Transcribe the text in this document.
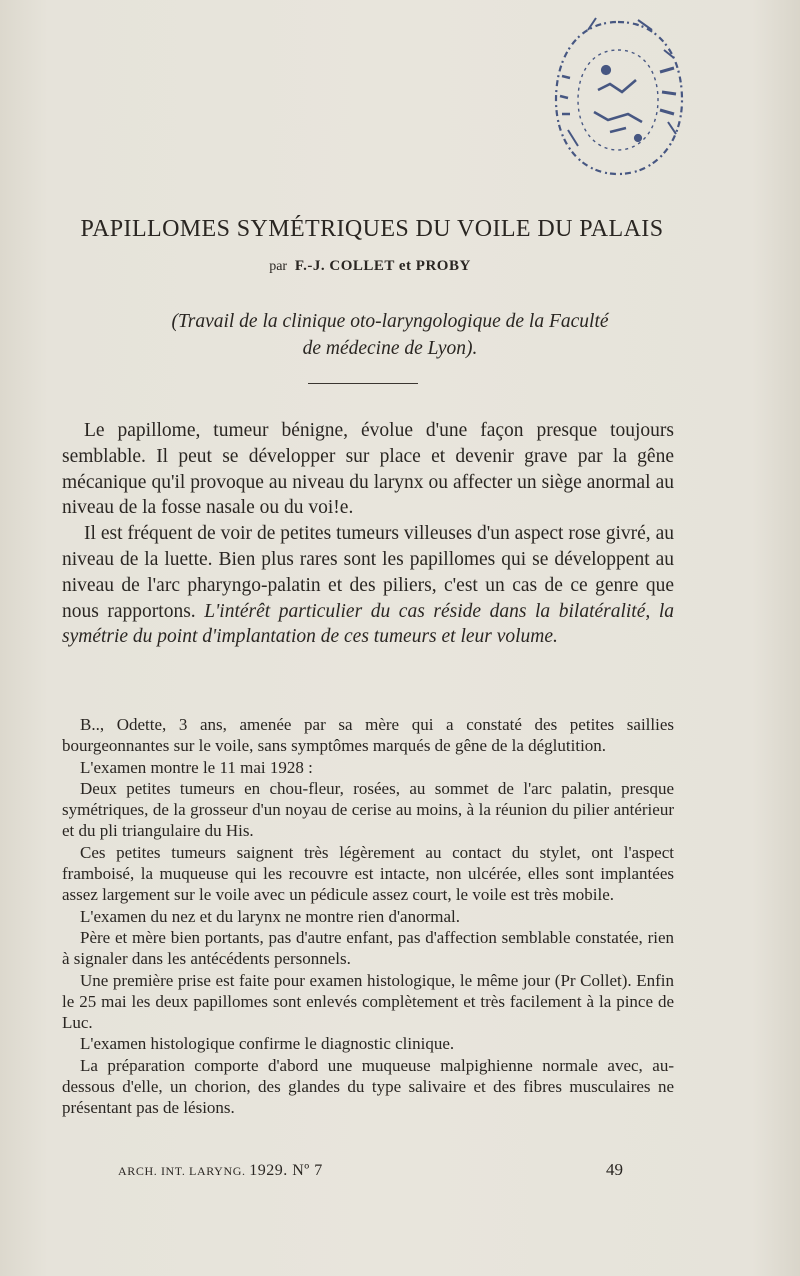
PAPILLOMES SYMÉTRIQUES DU VOILE DU PALAIS
par F.-J. COLLET et PROBY
(Travail de la clinique oto-laryngologique de la Faculté
de médecine de Lyon).

Le papillome, tumeur bénigne, évolue d'une façon presque toujours semblable. Il peut se développer sur place et devenir grave par la gêne mécanique qu'il provoque au niveau du larynx ou affecter un siège anormal au niveau de la fosse nasale ou du voi!e.

Il est fréquent de voir de petites tumeurs villeuses d'un aspect rose givré, au niveau de la luette. Bien plus rares sont les papillomes qui se développent au niveau de l'arc pharyngo-palatin et des piliers, c'est un cas de ce genre que nous rapportons. L'intérêt particulier du cas réside dans la bilatéralité, la symétrie du point d'implantation de ces tumeurs et leur volume.

B.., Odette, 3 ans, amenée par sa mère qui a constaté des petites saillies bourgeonnantes sur le voile, sans symptômes marqués de gêne de la déglutition.

L'examen montre le 11 mai 1928 :

Deux petites tumeurs en chou-fleur, rosées, au sommet de l'arc palatin, presque symétriques, de la grosseur d'un noyau de cerise au moins, à la réunion du pilier antérieur et du pli triangulaire du His.

Ces petites tumeurs saignent très légèrement au contact du stylet, ont l'aspect framboisé, la muqueuse qui les recouvre est intacte, non ulcérée, elles sont implantées assez largement sur le voile avec un pédicule assez court, le voile est très mobile.

L'examen du nez et du larynx ne montre rien d'anormal.

Père et mère bien portants, pas d'autre enfant, pas d'affection semblable constatée, rien à signaler dans les antécédents personnels.

Une première prise est faite pour examen histologique, le même jour (Pr Collet). Enfin le 25 mai les deux papillomes sont enlevés complètement et très facilement à la pince de Luc.

L'examen histologique confirme le diagnostic clinique.

La préparation comporte d'abord une muqueuse malpighienne normale avec, au-dessous d'elle, un chorion, des glandes du type salivaire et des fibres musculaires ne présentant pas de lésions.

ARCH. INT. LARYNG. 1929. Nº 7	49
